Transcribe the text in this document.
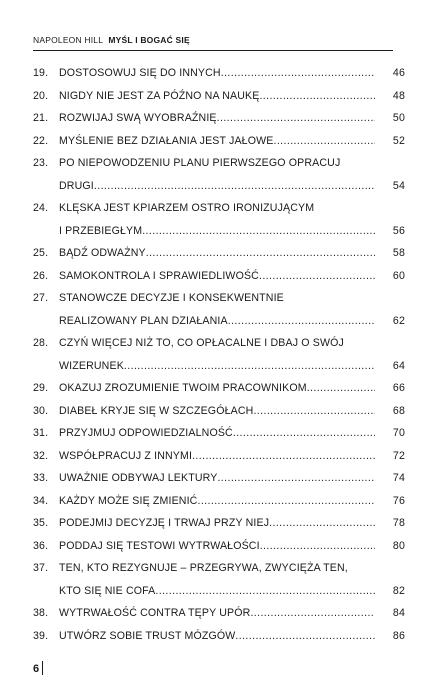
NAPOLEON HILL MYŚL I BOGAĆ SIĘ
19.	DOSTOSOWUJ SIĘ DO INNYCH .....	46
20.	NIGDY NIE JEST ZA PÓŹNO NA NAUKĘ .....	48
21.	ROZWIJAJ SWĄ WYOBRAŹNIĘ .....	50
22.	MYŚLENIE BEZ DZIAŁANIA JEST JAŁOWE .....	52
23.	PO NIEPOWODZENIU PLANU PIERWSZEGO OPRACUJ
DRUGI .....	54
24.	KLĘSKA JEST KPIARZEM OSTRO IRONIZUJĄCYM
I PRZEBIEGŁYM .....	56
25.	BĄDŹ ODWAŻNY .....	58
26.	SAMOKONTROLA I SPRAWIEDLIWOŚĆ .....	60
27.	STANOWCZE DECYZJE I KONSEKWENTNIE
REALIZOWANY PLAN DZIAŁANIA .....	62
28.	CZYŃ WIĘCEJ NIŻ TO, CO OPŁACALNE I DBAJ O SWÓJ
WIZERUNEK .....	64
29.	OKAZUJ ZROZUMIENIE TWOIM PRACOWNIKOM .....	66
30.	DIABEŁ KRYJE SIĘ W SZCZEGÓŁACH .....	68
31.	PRZYJMUJ ODPOWIEDZIALNOŚĆ .....	70
32.	WSPÓŁPRACUJ Z INNYMI .....	72
33.	UWAŻNIE ODBYWAJ LEKTURY .....	74
34.	KAŻDY MOŻE SIĘ ZMIENIĆ .....	76
35.	PODEJMIJ DECYZJĘ I TRWAJ PRZY NIEJ .....	78
36.	PODDAJ SIĘ TESTOWI WYTRWAŁOŚCI .....	80
37.	TEN, KTO REZYGNUJE – PRZEGRYWA, ZWYCIĘŻA TEN,
KTO SIĘ NIE COFA .....	82
38.	WYTRWAŁOŚĆ CONTRA TĘPY UPÓR .....	84
39.	UTWÓRZ SOBIE TRUST MÓZGÓW .....	86
6
